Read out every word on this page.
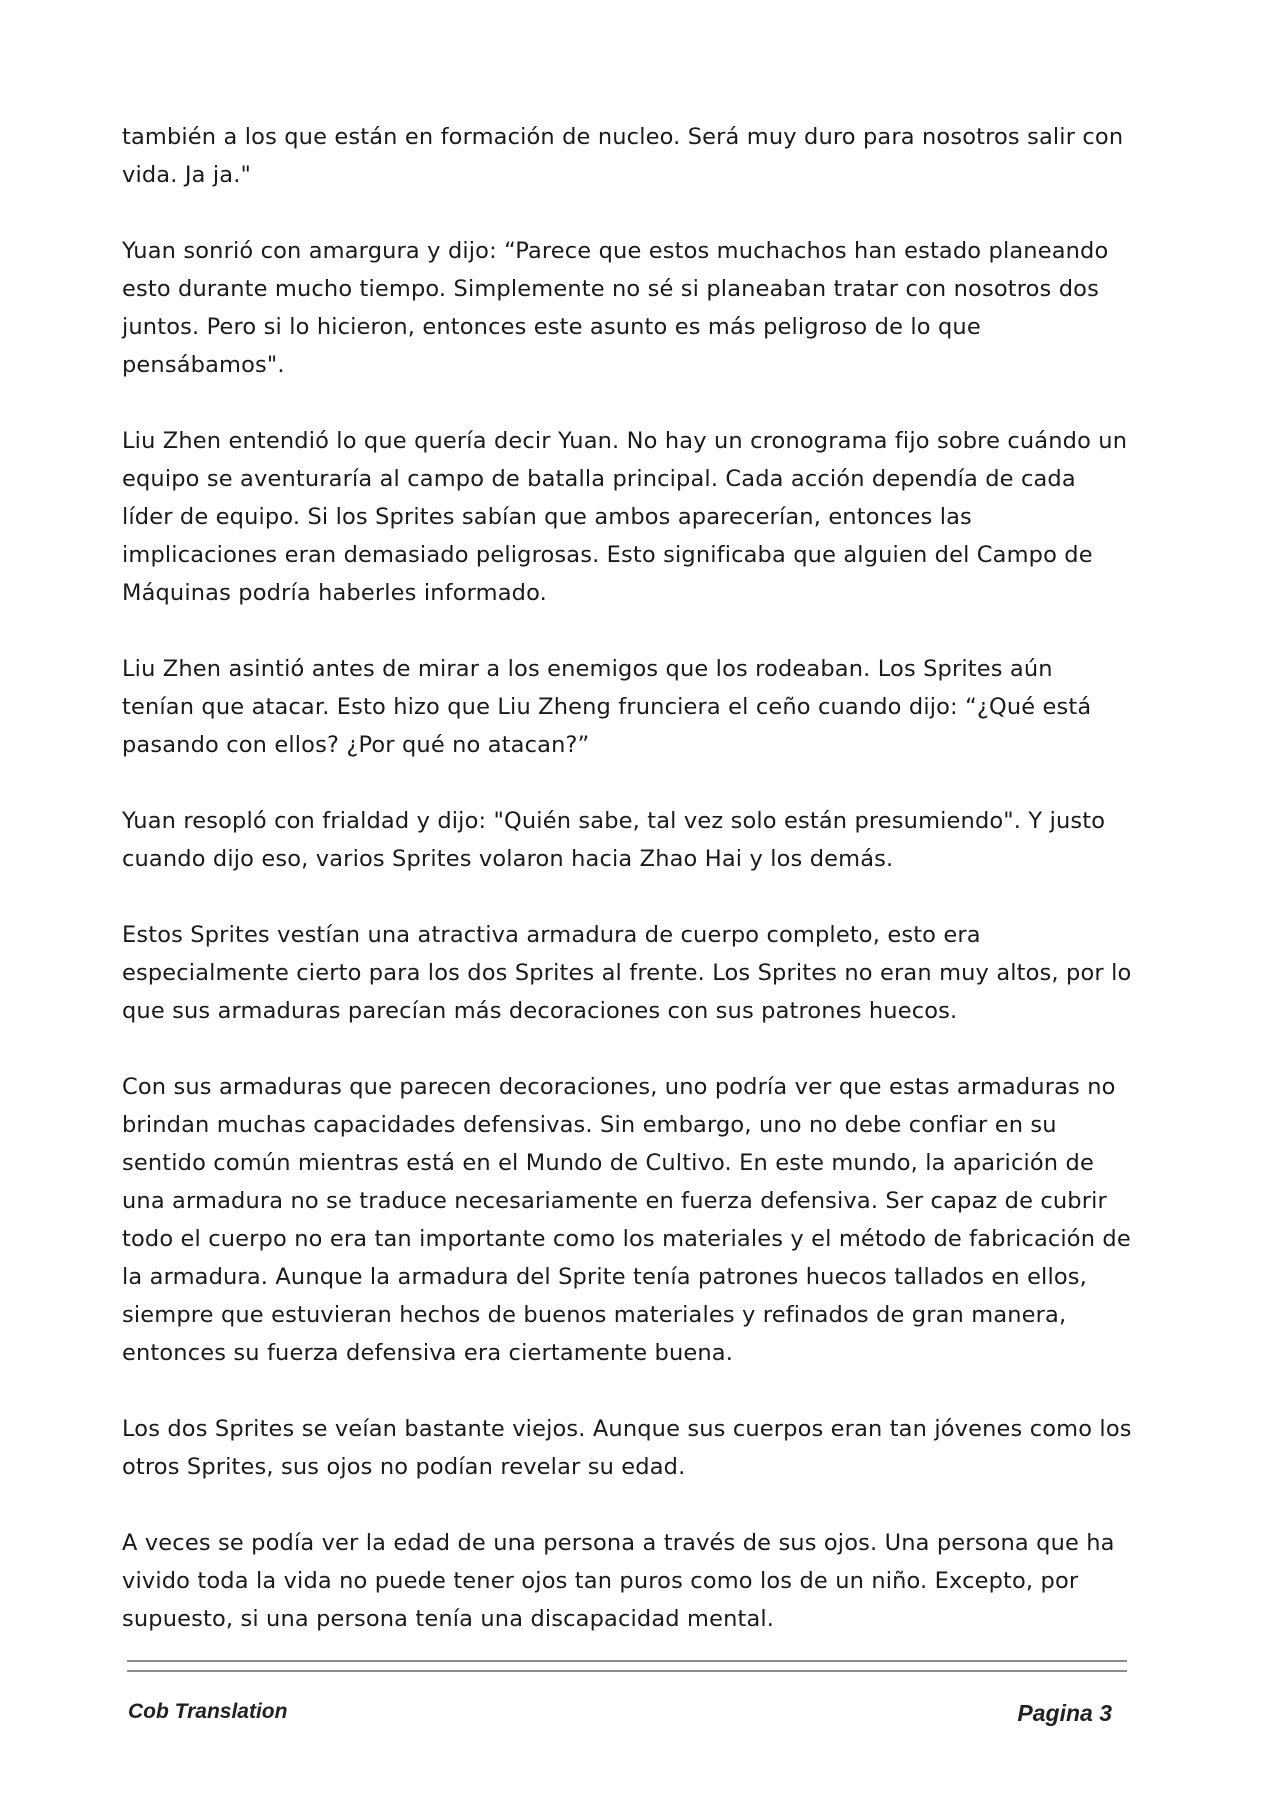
también a los que están en formación de nucleo. Será muy duro para nosotros salir con vida. Ja ja."

Yuan sonrió con amargura y dijo: “Parece que estos muchachos han estado planeando esto durante mucho tiempo. Simplemente no sé si planeaban tratar con nosotros dos juntos. Pero si lo hicieron, entonces este asunto es más peligroso de lo que pensábamos".

Liu Zhen entendió lo que quería decir Yuan. No hay un cronograma fijo sobre cuándo un equipo se aventuraría al campo de batalla principal. Cada acción dependía de cada líder de equipo. Si los Sprites sabían que ambos aparecerían, entonces las implicaciones eran demasiado peligrosas. Esto significaba que alguien del Campo de Máquinas podría haberles informado.

Liu Zhen asintió antes de mirar a los enemigos que los rodeaban. Los Sprites aún tenían que atacar. Esto hizo que Liu Zheng frunciera el ceño cuando dijo: “¿Qué está pasando con ellos? ¿Por qué no atacan?”

Yuan resopló con frialdad y dijo: "Quién sabe, tal vez solo están presumiendo". Y justo cuando dijo eso, varios Sprites volaron hacia Zhao Hai y los demás.

Estos Sprites vestían una atractiva armadura de cuerpo completo, esto era especialmente cierto para los dos Sprites al frente. Los Sprites no eran muy altos, por lo que sus armaduras parecían más decoraciones con sus patrones huecos.

Con sus armaduras que parecen decoraciones, uno podría ver que estas armaduras no brindan muchas capacidades defensivas. Sin embargo, uno no debe confiar en su sentido común mientras está en el Mundo de Cultivo. En este mundo, la aparición de una armadura no se traduce necesariamente en fuerza defensiva. Ser capaz de cubrir todo el cuerpo no era tan importante como los materiales y el método de fabricación de la armadura. Aunque la armadura del Sprite tenía patrones huecos tallados en ellos, siempre que estuvieran hechos de buenos materiales y refinados de gran manera, entonces su fuerza defensiva era ciertamente buena.

Los dos Sprites se veían bastante viejos. Aunque sus cuerpos eran tan jóvenes como los otros Sprites, sus ojos no podían revelar su edad.

A veces se podía ver la edad de una persona a través de sus ojos. Una persona que ha vivido toda la vida no puede tener ojos tan puros como los de un niño. Excepto, por supuesto, si una persona tenía una discapacidad mental.

Cob Translation	Pagina 3
